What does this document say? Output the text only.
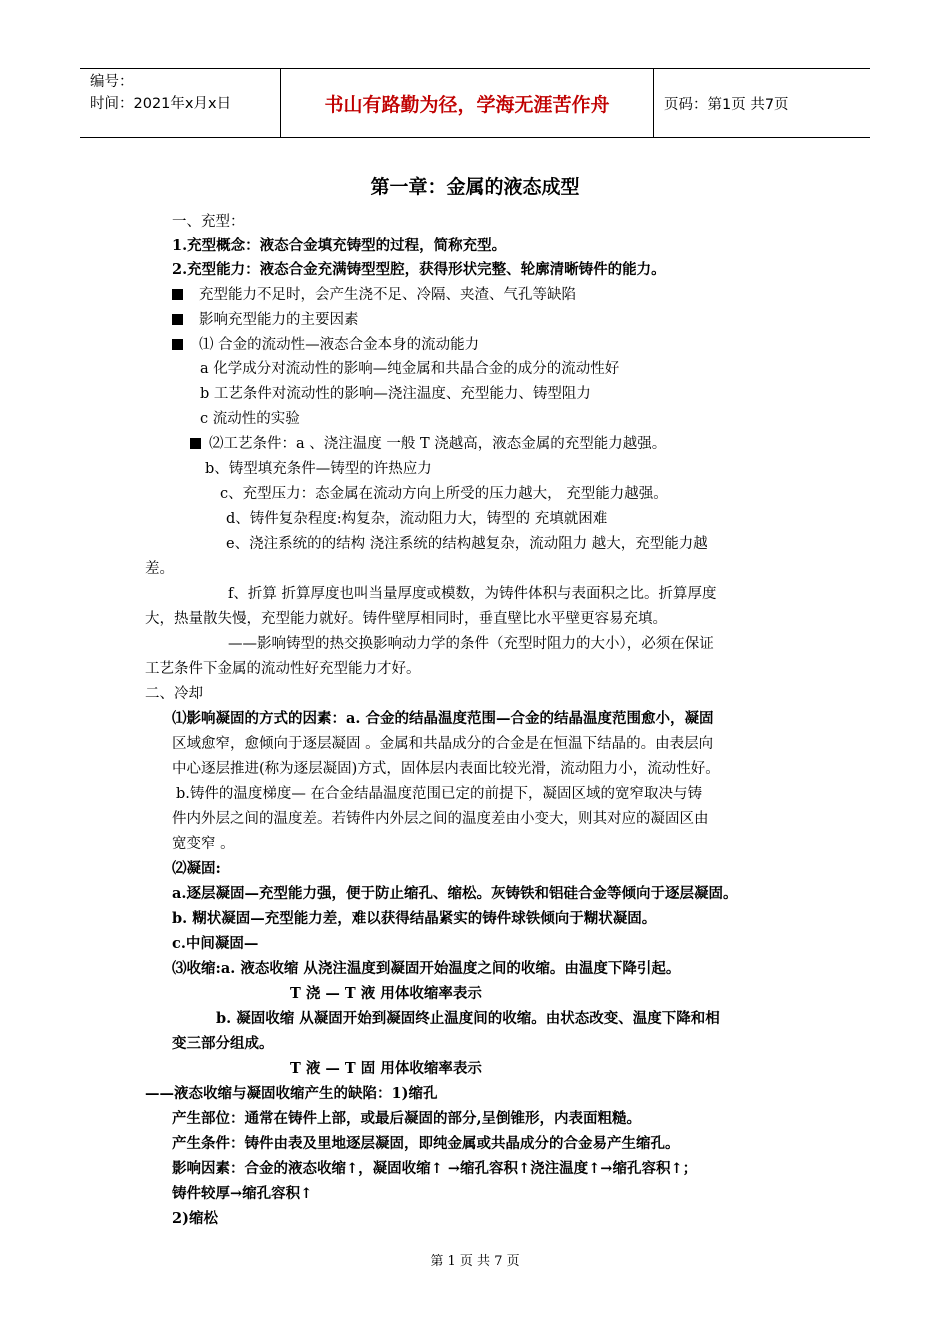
编号：
时间：2021年x月x日	书山有路勤为径，学海无涯苦作舟	页码：第1页 共7页
第一章：金属的液态成型
一、充型：
1.充型概念：液态合金填充铸型的过程，简称充型。
2.充型能力：液态合金充满铸型型腔，获得形状完整、轮廓清晰铸件的能力。
充型能力不足时，会产生浇不足、冷隔、夹渣、气孔等缺陷
影响充型能力的主要因素
⑴ 合金的流动性—液态合金本身的流动能力
a 化学成分对流动性的影响—纯金属和共晶合金的成分的流动性好
b 工艺条件对流动性的影响—浇注温度、充型能力、铸型阻力
c 流动性的实验
⑵工艺条件：a 、浇注温度 一般 T 浇越高，液态金属的充型能力越强。
b、铸型填充条件—铸型的许热应力
c、充型压力：态金属在流动方向上所受的压力越大， 充型能力越强。
d、铸件复杂程度:构复杂，流动阻力大，铸型的 充填就困难
e、浇注系统的的结构 浇注系统的结构越复杂，流动阻力 越大，充型能力越
差。
f、折算 折算厚度也叫当量厚度或模数，为铸件体积与表面积之比。折算厚度
大，热量散失慢，充型能力就好。铸件壁厚相同时，垂直壁比水平壁更容易充填。
——影响铸型的热交换影响动力学的条件（充型时阻力的大小），必须在保证
工艺条件下金属的流动性好充型能力才好。
二、冷却
⑴影响凝固的方式的因素：a. 合金的结晶温度范围—合金的结晶温度范围愈小，凝固
区域愈窄，愈倾向于逐层凝固 。金属和共晶成分的合金是在恒温下结晶的。由表层向
中心逐层推进(称为逐层凝固)方式，固体层内表面比较光滑，流动阻力小，流动性好。
b.铸件的温度梯度— 在合金结晶温度范围已定的前提下，凝固区域的宽窄取决与铸
件内外层之间的温度差。若铸件内外层之间的温度差由小变大，则其对应的凝固区由
宽变窄 。
⑵凝固:
a.逐层凝固—充型能力强，便于防止缩孔、缩松。灰铸铁和铝硅合金等倾向于逐层凝固。
b. 糊状凝固—充型能力差，难以获得结晶紧实的铸件球铁倾向于糊状凝固。
c.中间凝固—
⑶收缩:a. 液态收缩 从浇注温度到凝固开始温度之间的收缩。由温度下降引起。
T 浇 — T 液 用体收缩率表示
b. 凝固收缩 从凝固开始到凝固终止温度间的收缩。由状态改变、温度下降和相
变三部分组成。
T 液 — T 固 用体收缩率表示
——液态收缩与凝固收缩产生的缺陷：1)缩孔
产生部位：通常在铸件上部，或最后凝固的部分,呈倒锥形，内表面粗糙。
产生条件：铸件由表及里地逐层凝固，即纯金属或共晶成分的合金易产生缩孔。
影响因素：合金的液态收缩↑，凝固收缩↑ →缩孔容积↑浇注温度↑→缩孔容积↑；
铸件较厚→缩孔容积↑
2)缩松
第 1 页 共 7 页
